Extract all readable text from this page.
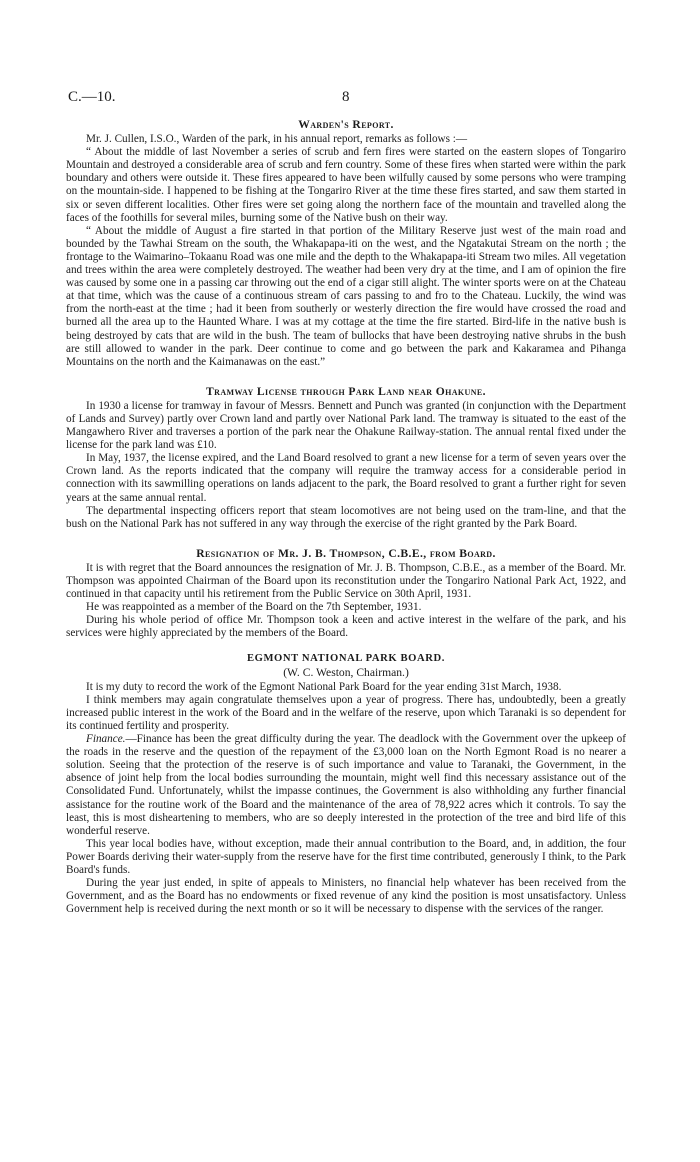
C.—10.	8
Warden's Report.

Mr. J. Cullen, I.S.O., Warden of the park, in his annual report, remarks as follows :—

“ About the middle of last November a series of scrub and fern fires were started on the eastern slopes of Tongariro Mountain and destroyed a considerable area of scrub and fern country. Some of these fires when started were within the park boundary and others were outside it. These fires appeared to have been wilfully caused by some persons who were tramping on the mountain-side. I happened to be fishing at the Tongariro River at the time these fires started, and saw them started in six or seven different localities. Other fires were set going along the northern face of the mountain and travelled along the faces of the foothills for several miles, burning some of the Native bush on their way.

“ About the middle of August a fire started in that portion of the Military Reserve just west of the main road and bounded by the Tawhai Stream on the south, the Whakapapa-iti on the west, and the Ngatakutai Stream on the north ; the frontage to the Waimarino–Tokaanu Road was one mile and the depth to the Whakapapa-iti Stream two miles. All vegetation and trees within the area were completely destroyed. The weather had been very dry at the time, and I am of opinion the fire was caused by some one in a passing car throwing out the end of a cigar still alight. The winter sports were on at the Chateau at that time, which was the cause of a continuous stream of cars passing to and fro to the Chateau. Luckily, the wind was from the north-east at the time ; had it been from southerly or westerly direction the fire would have crossed the road and burned all the area up to the Haunted Whare. I was at my cottage at the time the fire started. Bird-life in the native bush is being destroyed by cats that are wild in the bush. The team of bullocks that have been destroying native shrubs in the bush are still allowed to wander in the park. Deer continue to come and go between the park and Kakaramea and Pihanga Mountains on the north and the Kaimanawas on the east.”

Tramway License through Park Land near Ohakune.

In 1930 a license for tramway in favour of Messrs. Bennett and Punch was granted (in conjunction with the Department of Lands and Survey) partly over Crown land and partly over National Park land. The tramway is situated to the east of the Mangawhero River and traverses a portion of the park near the Ohakune Railway-station. The annual rental fixed under the license for the park land was £10.

In May, 1937, the license expired, and the Land Board resolved to grant a new license for a term of seven years over the Crown land. As the reports indicated that the company will require the tramway access for a considerable period in connection with its sawmilling operations on lands adjacent to the park, the Board resolved to grant a further right for seven years at the same annual rental.

The departmental inspecting officers report that steam locomotives are not being used on the tram-line, and that the bush on the National Park has not suffered in any way through the exercise of the right granted by the Park Board.

Resignation of Mr. J. B. Thompson, C.B.E., from Board.

It is with regret that the Board announces the resignation of Mr. J. B. Thompson, C.B.E., as a member of the Board. Mr. Thompson was appointed Chairman of the Board upon its reconstitution under the Tongariro National Park Act, 1922, and continued in that capacity until his retirement from the Public Service on 30th April, 1931.

He was reappointed as a member of the Board on the 7th September, 1931.

During his whole period of office Mr. Thompson took a keen and active interest in the welfare of the park, and his services were highly appreciated by the members of the Board.

EGMONT NATIONAL PARK BOARD.
(W. C. Weston, Chairman.)

It is my duty to record the work of the Egmont National Park Board for the year ending 31st March, 1938.

I think members may again congratulate themselves upon a year of progress. There has, undoubtedly, been a greatly increased public interest in the work of the Board and in the welfare of the reserve, upon which Taranaki is so dependent for its continued fertility and prosperity.

Finance.—Finance has been the great difficulty during the year. The deadlock with the Government over the upkeep of the roads in the reserve and the question of the repayment of the £3,000 loan on the North Egmont Road is no nearer a solution. Seeing that the protection of the reserve is of such importance and value to Taranaki, the Government, in the absence of joint help from the local bodies surrounding the mountain, might well find this necessary assistance out of the Consolidated Fund. Unfortunately, whilst the impasse continues, the Government is also withholding any further financial assistance for the routine work of the Board and the maintenance of the area of 78,922 acres which it controls. To say the least, this is most disheartening to members, who are so deeply interested in the protection of the tree and bird life of this wonderful reserve.

This year local bodies have, without exception, made their annual contribution to the Board, and, in addition, the four Power Boards deriving their water-supply from the reserve have for the first time contributed, generously I think, to the Park Board's funds.

During the year just ended, in spite of appeals to Ministers, no financial help whatever has been received from the Government, and as the Board has no endowments or fixed revenue of any kind the position is most unsatisfactory. Unless Government help is received during the next month or so it will be necessary to dispense with the services of the ranger.
